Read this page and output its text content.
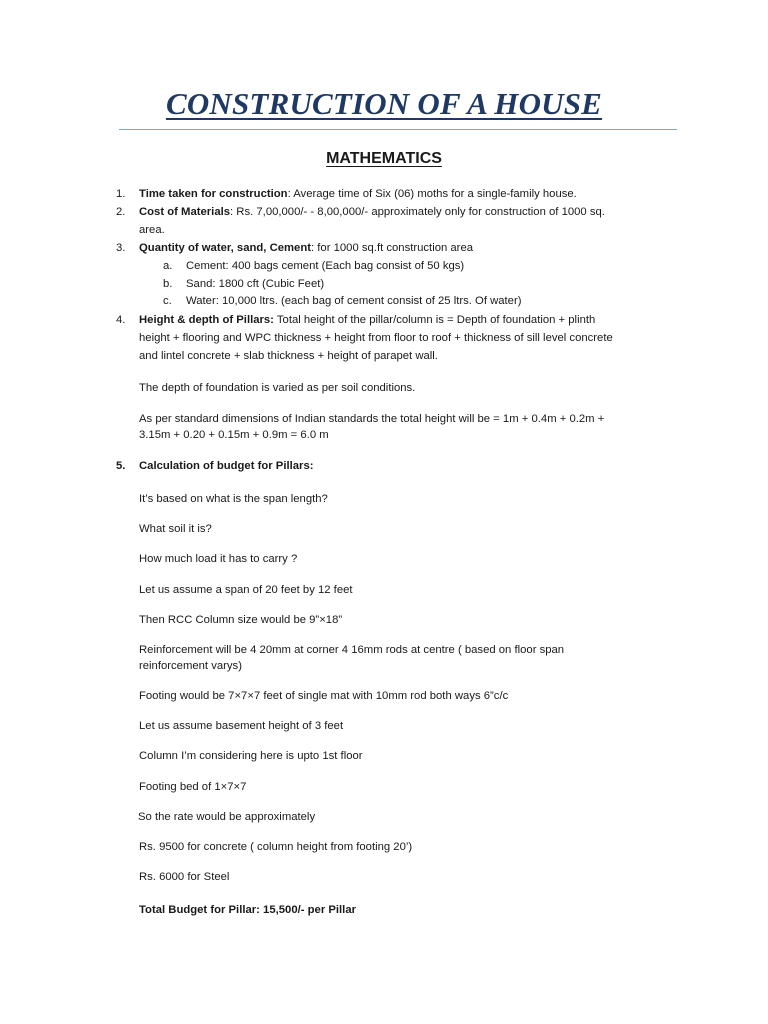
CONSTRUCTION OF A HOUSE
MATHEMATICS
1. Time taken for construction: Average time of Six (06) moths for a single-family house.
2. Cost of Materials: Rs. 7,00,000/- - 8,00,000/- approximately only for construction of 1000 sq.
area.
3. Quantity of water, sand, Cement: for 1000 sq.ft construction area
a. Cement: 400 bags cement (Each bag consist of 50 kgs)
b. Sand: 1800 cft (Cubic Feet)
c. Water: 10,000 ltrs. (each bag of cement consist of 25 ltrs. Of water)
4. Height & depth of Pillars: Total height of the pillar/column is = Depth of foundation + plinth
height + flooring and WPC thickness + height from floor to roof + thickness of sill level concrete
and lintel concrete + slab thickness + height of parapet wall.
The depth of foundation is varied as per soil conditions.
As per standard dimensions of Indian standards the total height will be = 1m + 0.4m + 0.2m +
3.15m + 0.20 + 0.15m + 0.9m = 6.0 m
5. Calculation of budget for Pillars:
It’s based on what is the span length?
What soil it is?
How much load it has to carry ?
Let us assume a span of 20 feet by 12 feet
Then RCC Column size would be 9”×18”
Reinforcement will be 4 20mm at corner 4 16mm rods at centre ( based on floor span
reinforcement varys)
Footing would be 7×7×7 feet of single mat with 10mm rod both ways 6”c/c
Let us assume basement height of 3 feet
Column I’m considering here is upto 1st floor
Footing bed of 1×7×7
So the rate would be approximately
Rs. 9500 for concrete ( column height from footing 20’)
Rs. 6000 for Steel
Total Budget for Pillar: 15,500/- per Pillar
